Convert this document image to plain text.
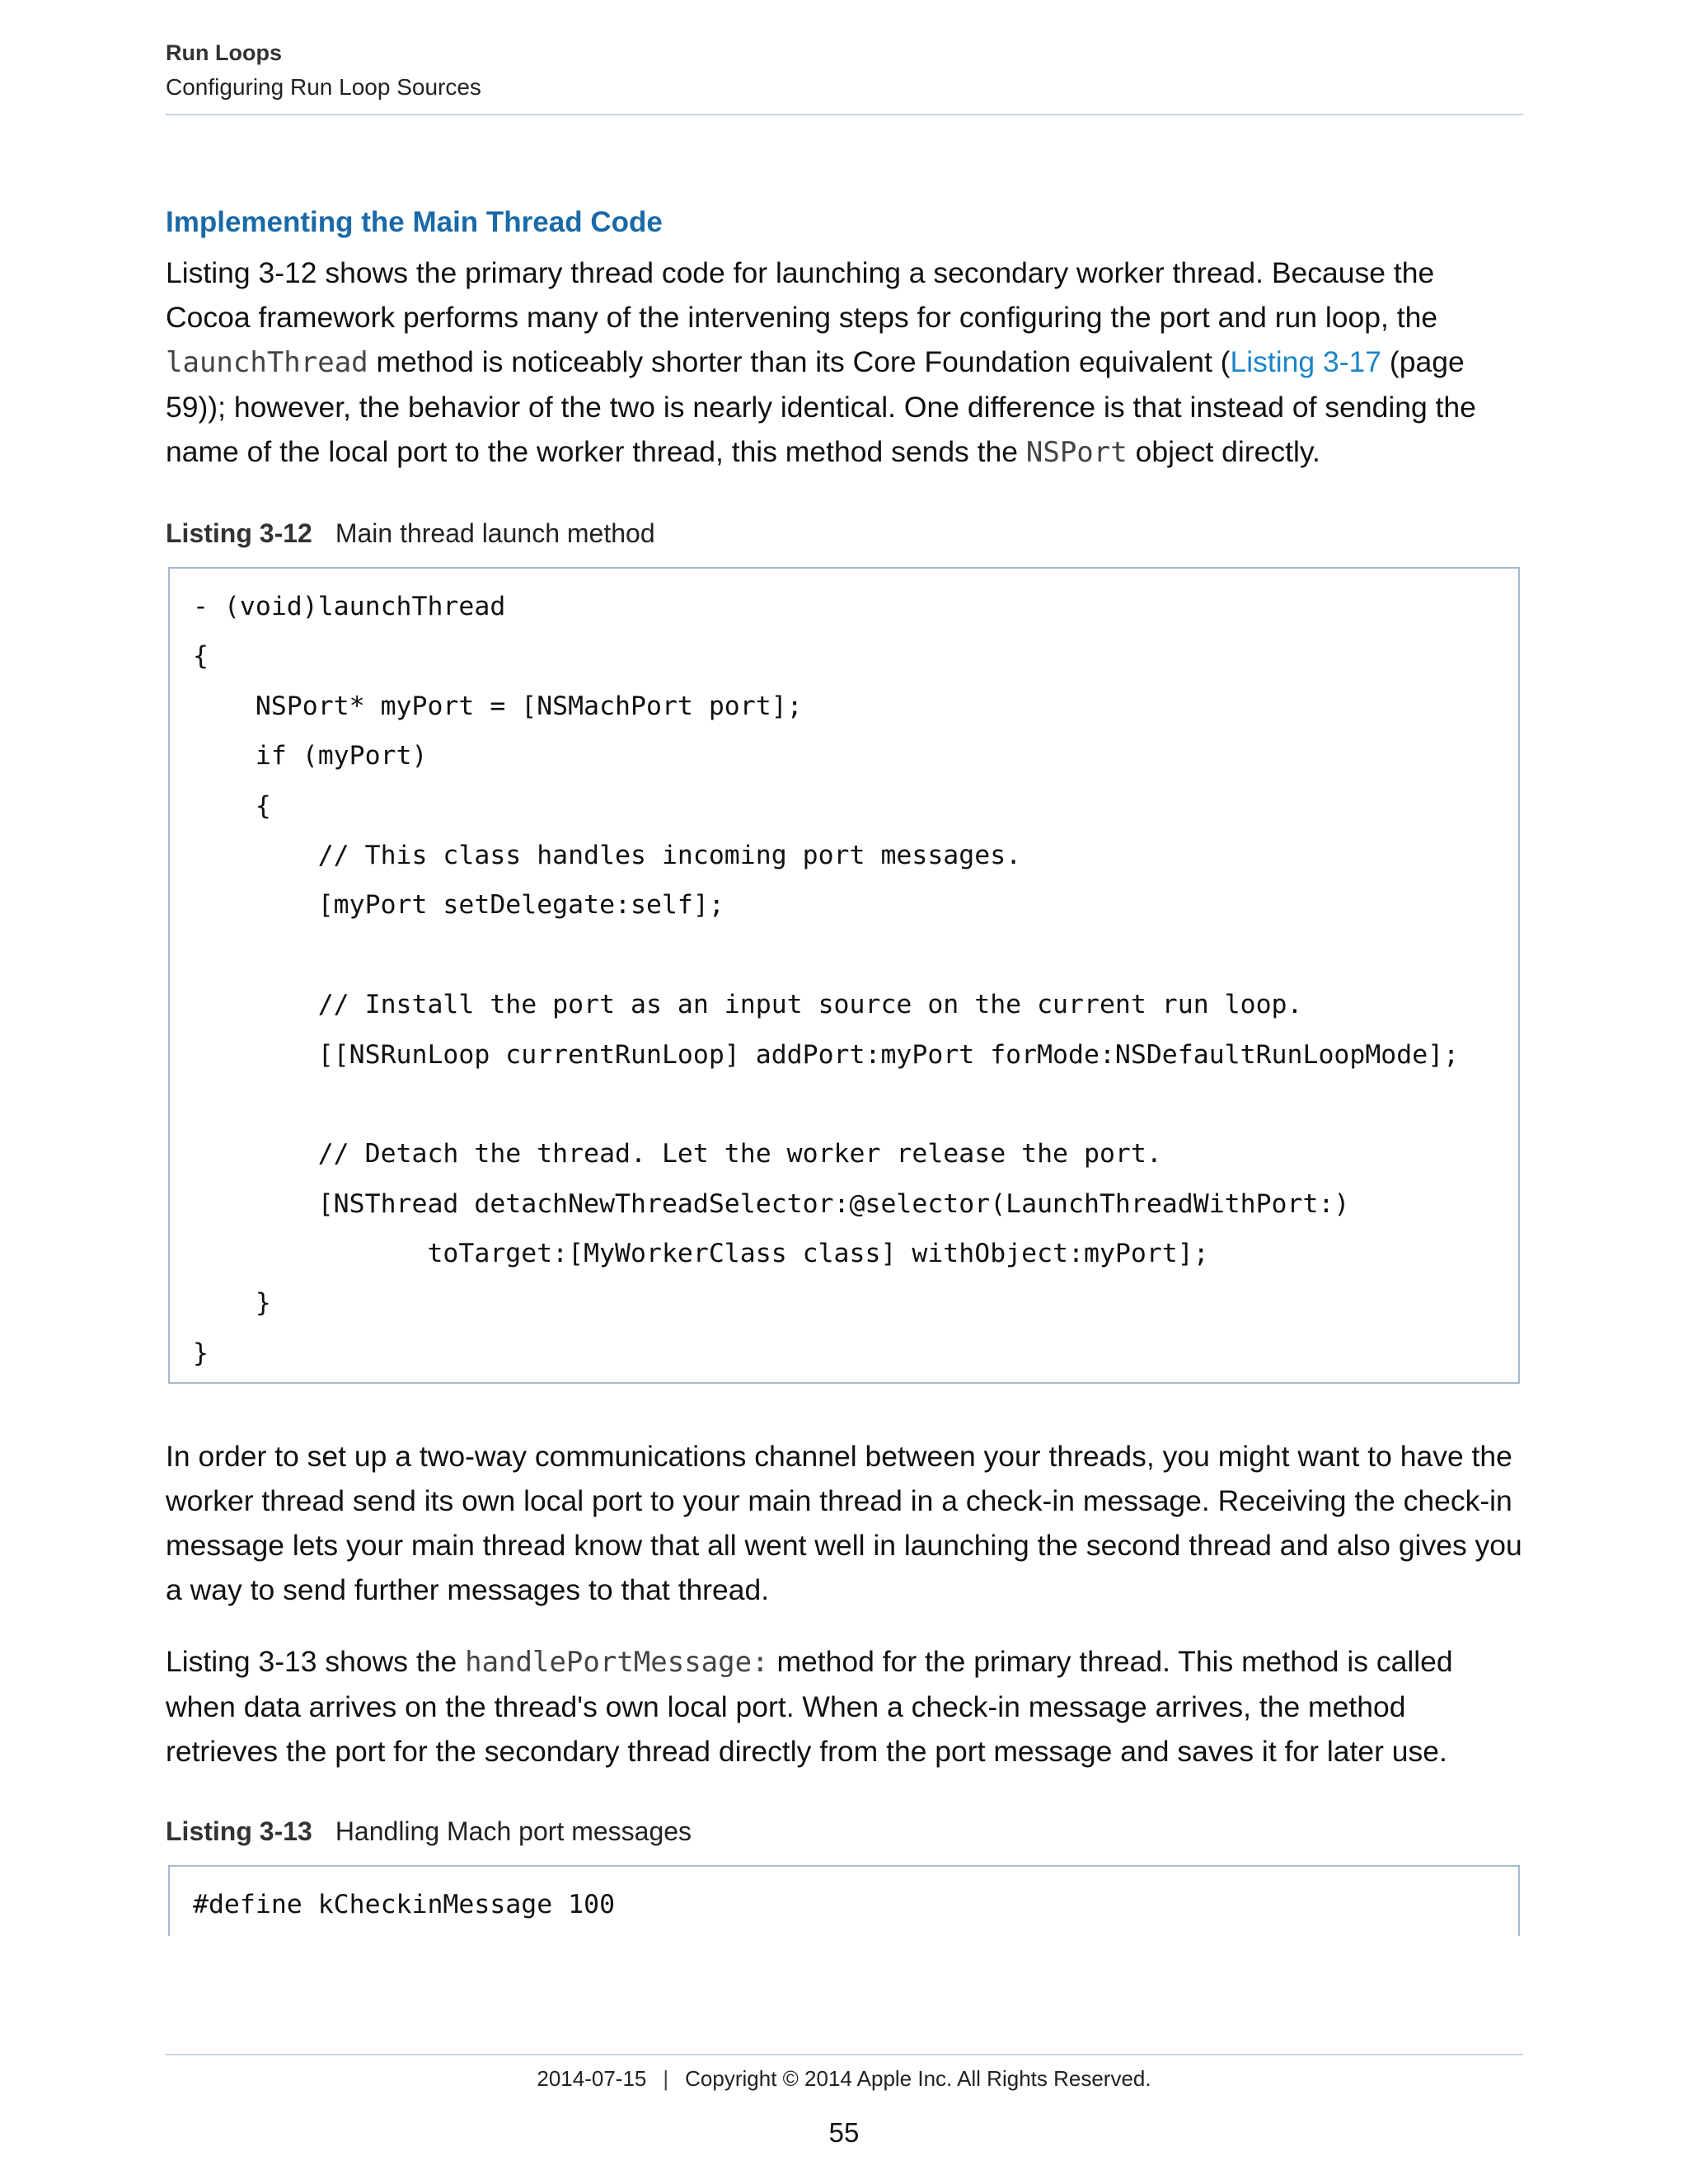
Run Loops
Configuring Run Loop Sources
Implementing the Main Thread Code

Listing 3-12 shows the primary thread code for launching a secondary worker thread. Because the Cocoa framework performs many of the intervening steps for configuring the port and run loop, the launchThread method is noticeably shorter than its Core Foundation equivalent (Listing 3-17 (page 59)); however, the behavior of the two is nearly identical. One difference is that instead of sending the name of the local port to the worker thread, this method sends the NSPort object directly.

Listing 3-12 Main thread launch method
- (void)launchThread
{
NSPort* myPort = [NSMachPort port];
if (myPort)
{
// This class handles incoming port messages.
[myPort setDelegate:self];
// Install the port as an input source on the current run loop.
[[NSRunLoop currentRunLoop] addPort:myPort forMode:NSDefaultRunLoopMode];
// Detach the thread. Let the worker release the port.
[NSThread detachNewThreadSelector:@selector(LaunchThreadWithPort:)
toTarget:[MyWorkerClass class] withObject:myPort];
}
}

In order to set up a two-way communications channel between your threads, you might want to have the worker thread send its own local port to your main thread in a check-in message. Receiving the check-in message lets your main thread know that all went well in launching the second thread and also gives you a way to send further messages to that thread.

Listing 3-13 shows the handlePortMessage: method for the primary thread. This method is called when data arrives on the thread's own local port. When a check-in message arrives, the method retrieves the port for the secondary thread directly from the port message and saves it for later use.

Listing 3-13 Handling Mach port messages
#define kCheckinMessage 100
2014-07-15 | Copyright © 2014 Apple Inc. All Rights Reserved.
55
